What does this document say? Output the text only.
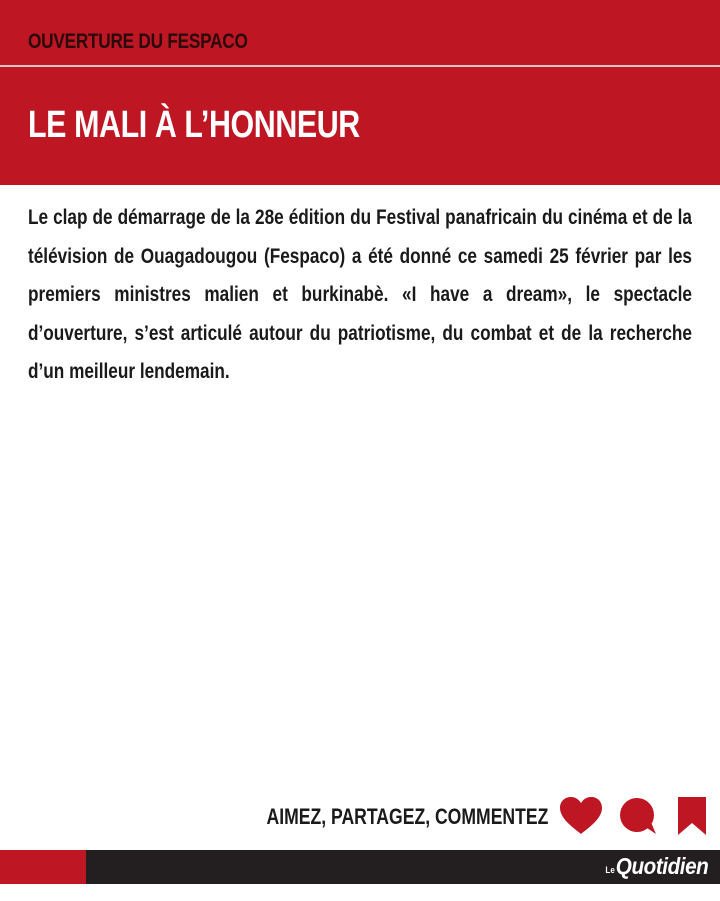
OUVERTURE DU FESPACO
LE MALI À L’HONNEUR

Le clap de démarrage de la 28e édition du Festival panafricain du cinéma et de la télévision de Ouagadougou (Fespaco) a été donné ce samedi 25 février par les premiers ministres malien et burkinabè. «I have a dream», le spectacle d’ouverture, s’est articulé autour du patriotisme, du combat et de la recherche d’un meilleur lendemain.

AIMEZ, PARTAGEZ, COMMENTEZ
LeQuotidien
